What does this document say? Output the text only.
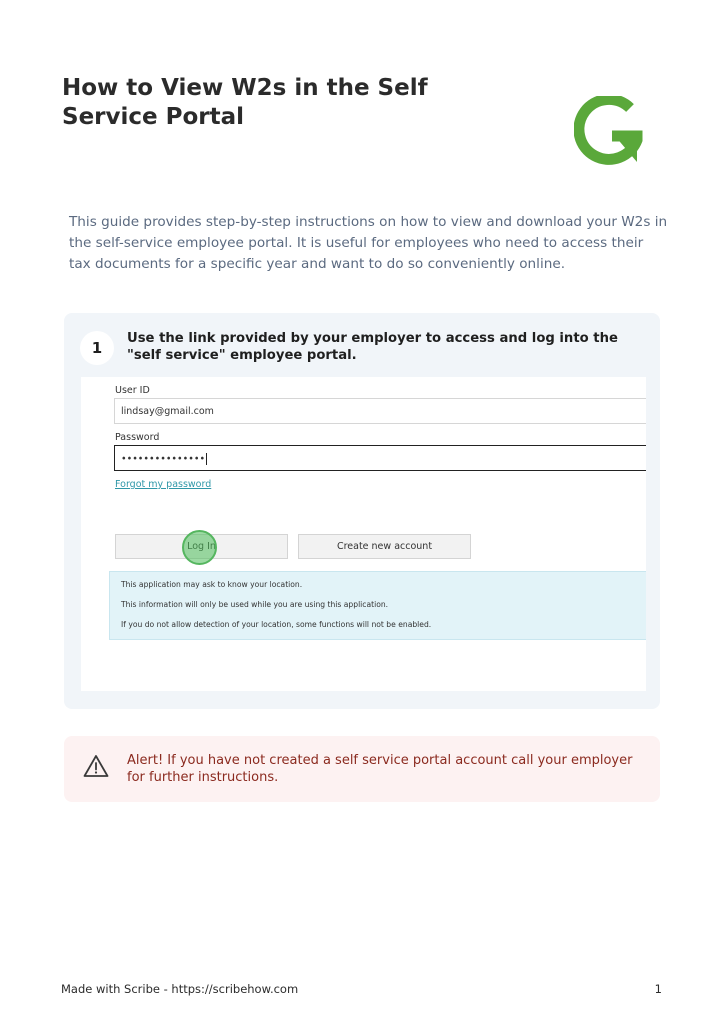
How to View W2s in the Self Service Portal
This guide provides step-by-step instructions on how to view and download your W2s in the self-service employee portal. It is useful for employees who need to access their tax documents for a specific year and want to do so conveniently online.
1
Use the link provided by your employer to access and log into the "self service" employee portal.
User ID
lindsay@gmail.com
Password
•••••••••••••••
Forgot my password
Create new account
This application may ask to know your location.
This information will only be used while you are using this application.
If you do not allow detection of your location, some functions will not be enabled.
Alert! If you have not created a self service portal account call your employer for further instructions.
Made with Scribe - https://scribehow.com	1
